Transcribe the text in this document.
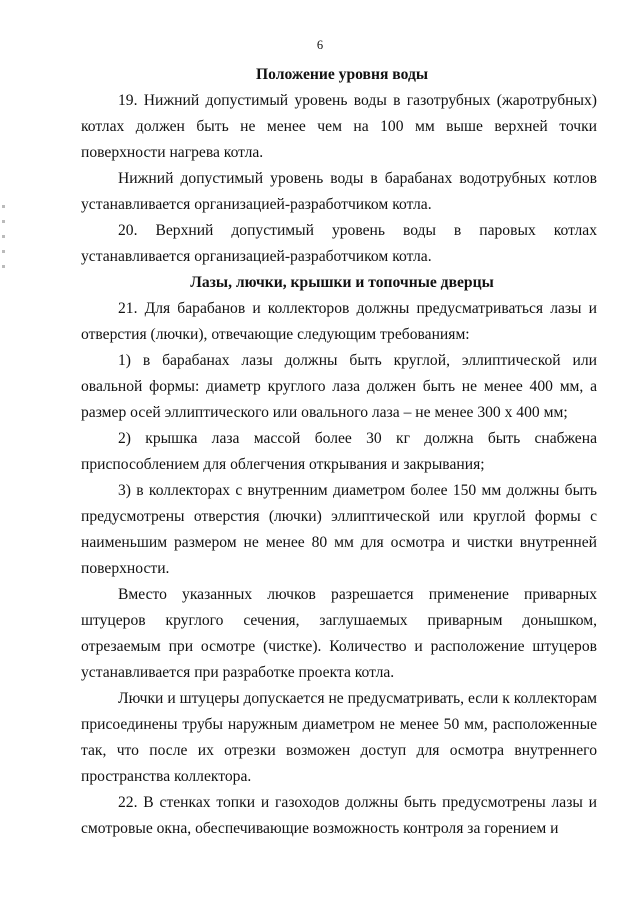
6
Положение уровня воды

19. Нижний допустимый уровень воды в газотрубных (жаротрубных) котлах должен быть не менее чем на 100 мм выше верхней точки поверхности нагрева котла.

Нижний допустимый уровень воды в барабанах водотрубных котлов устанавливается организацией-разработчиком котла.

20. Верхний допустимый уровень воды в паровых котлах устанавливается организацией-разработчиком котла.

Лазы, лючки, крышки и топочные дверцы

21. Для барабанов и коллекторов должны предусматриваться лазы и отверстия (лючки), отвечающие следующим требованиям:

1) в барабанах лазы должны быть круглой, эллиптической или овальной формы: диаметр круглого лаза должен быть не менее 400 мм, а размер осей эллиптического или овального лаза – не менее 300 х 400 мм;

2) крышка лаза массой более 30 кг должна быть снабжена приспособлением для облегчения открывания и закрывания;

3) в коллекторах с внутренним диаметром более 150 мм должны быть предусмотрены отверстия (лючки) эллиптической или круглой формы с наименьшим размером не менее 80 мм для осмотра и чистки внутренней поверхности.

Вместо указанных лючков разрешается применение приварных штуцеров круглого сечения, заглушаемых приварным донышком, отрезаемым при осмотре (чистке). Количество и расположение штуцеров устанавливается при разработке проекта котла.

Лючки и штуцеры допускается не предусматривать, если к коллекторам присоединены трубы наружным диаметром не менее 50 мм, расположенные так, что после их отрезки возможен доступ для осмотра внутреннего пространства коллектора.

22. В стенках топки и газоходов должны быть предусмотрены лазы и смотровые окна, обеспечивающие возможность контроля за горением и
